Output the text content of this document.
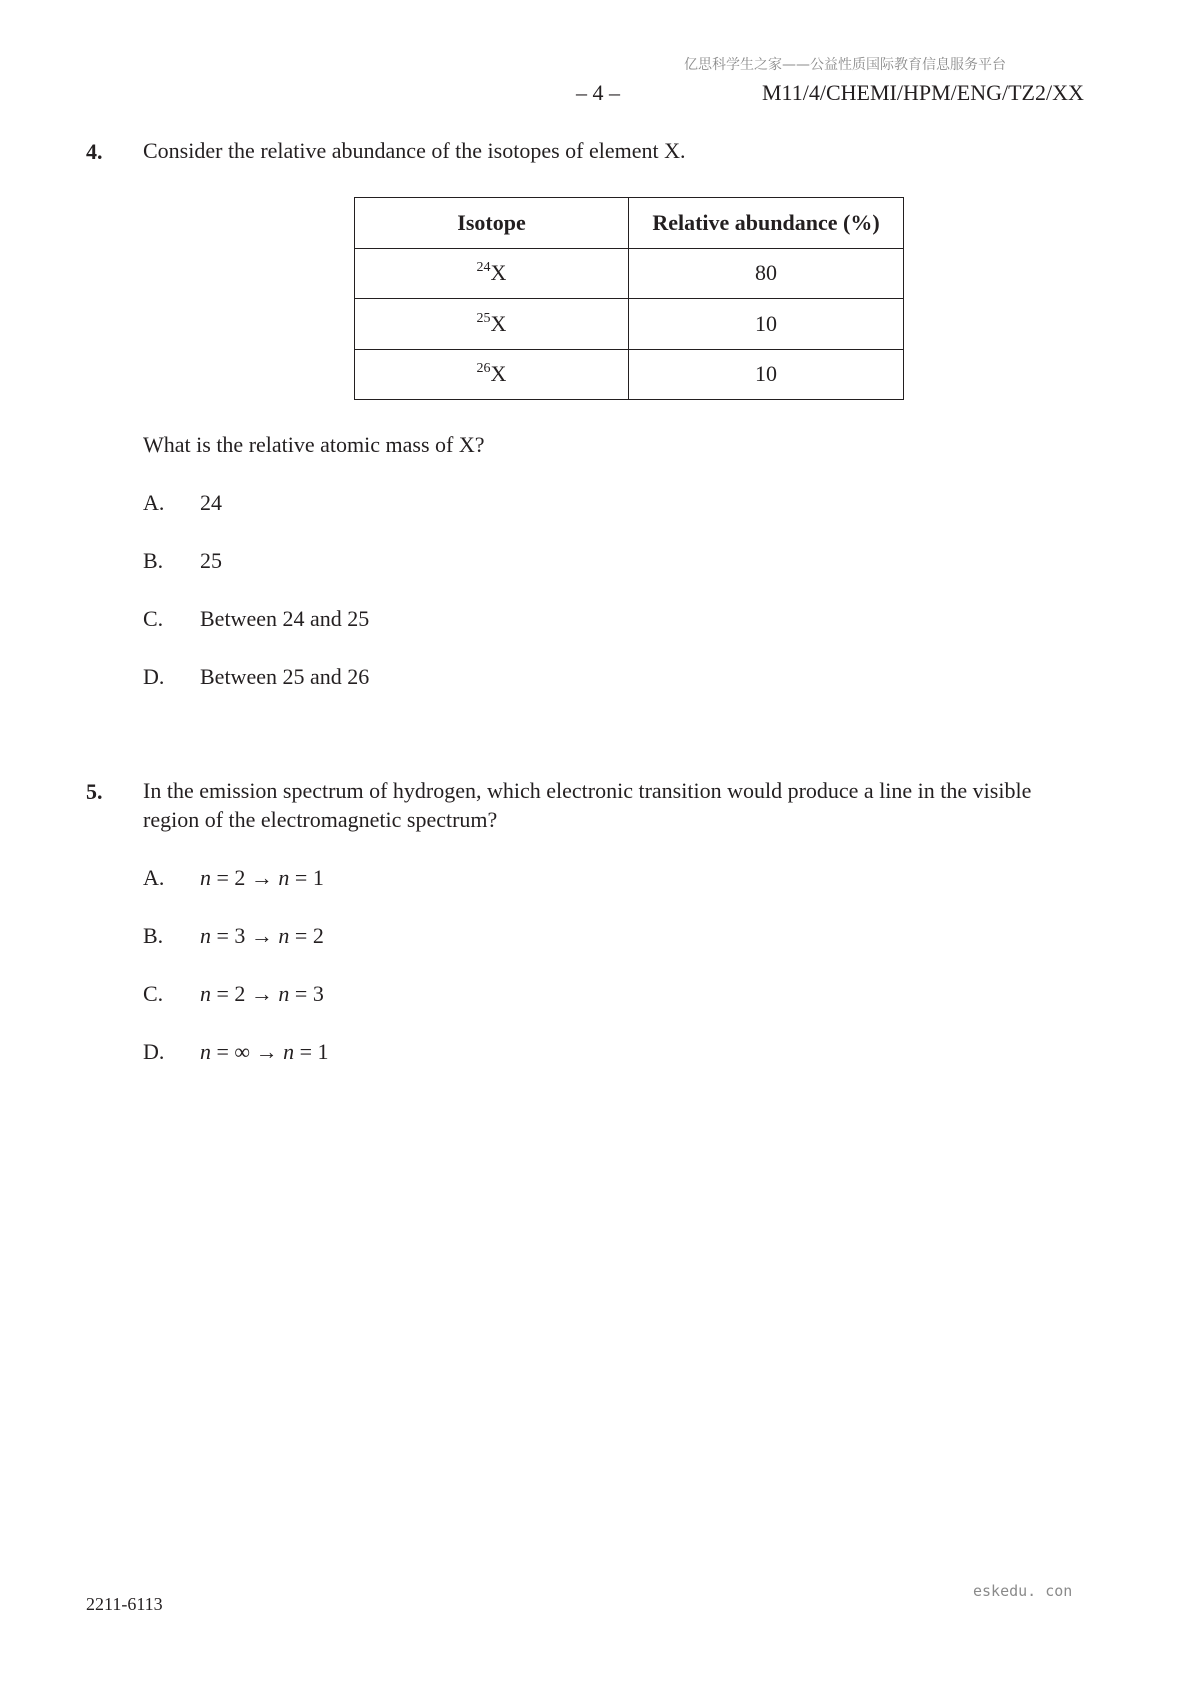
亿思科学生之家——公益性质国际教育信息服务平台
– 4 –	M11/4/CHEMI/HPM/ENG/TZ2/XX
4. Consider the relative abundance of the isotopes of element X.
Isotope	Relative abundance (%)
$^{24}$X	80
$^{25}$X	10
$^{26}$X	10
What is the relative atomic mass of X?
A. 24
B. 25
C. Between 24 and 25
D. Between 25 and 26
5. In the emission spectrum of hydrogen, which electronic transition would produce a line in the visible
region of the electromagnetic spectrum?
A. n = 2 → n = 1
B. n = 3 → n = 2
C. n = 2 → n = 3
D. n = ∞ → n = 1
2211-6113
eskedu. con
